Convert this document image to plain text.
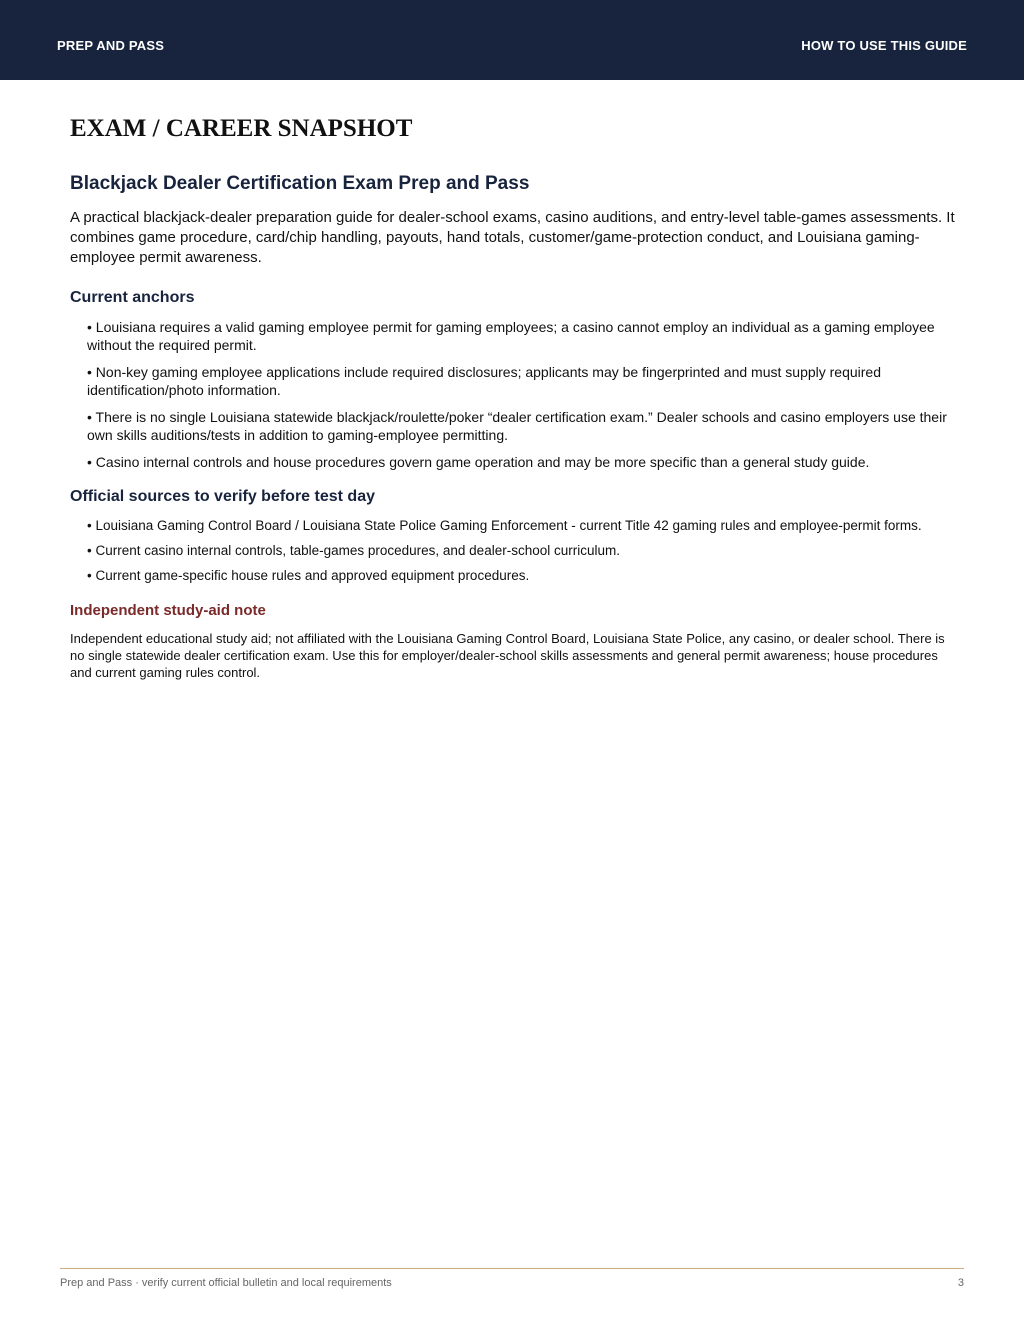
PREP AND PASS	HOW TO USE THIS GUIDE
EXAM / CAREER SNAPSHOT
Blackjack Dealer Certification Exam Prep and Pass

A practical blackjack-dealer preparation guide for dealer-school exams, casino auditions, and entry-level table-games assessments. It combines game procedure, card/chip handling, payouts, hand totals, customer/game-protection conduct, and Louisiana gaming-employee permit awareness.

Current anchors
• Louisiana requires a valid gaming employee permit for gaming employees; a casino cannot employ an individual as a gaming employee without the required permit.
• Non-key gaming employee applications include required disclosures; applicants may be fingerprinted and must supply required identification/photo information.
• There is no single Louisiana statewide blackjack/roulette/poker “dealer certification exam.” Dealer schools and casino employers use their own skills auditions/tests in addition to gaming-employee permitting.
• Casino internal controls and house procedures govern game operation and may be more specific than a general study guide.
Official sources to verify before test day
• Louisiana Gaming Control Board / Louisiana State Police Gaming Enforcement - current Title 42 gaming rules and employee-permit forms.
• Current casino internal controls, table-games procedures, and dealer-school curriculum.
• Current game-specific house rules and approved equipment procedures.
Independent study-aid note

Independent educational study aid; not affiliated with the Louisiana Gaming Control Board, Louisiana State Police, any casino, or dealer school. There is no single statewide dealer certification exam. Use this for employer/dealer-school skills assessments and general permit awareness; house procedures and current gaming rules control.

Prep and Pass · verify current official bulletin and local requirements	3
